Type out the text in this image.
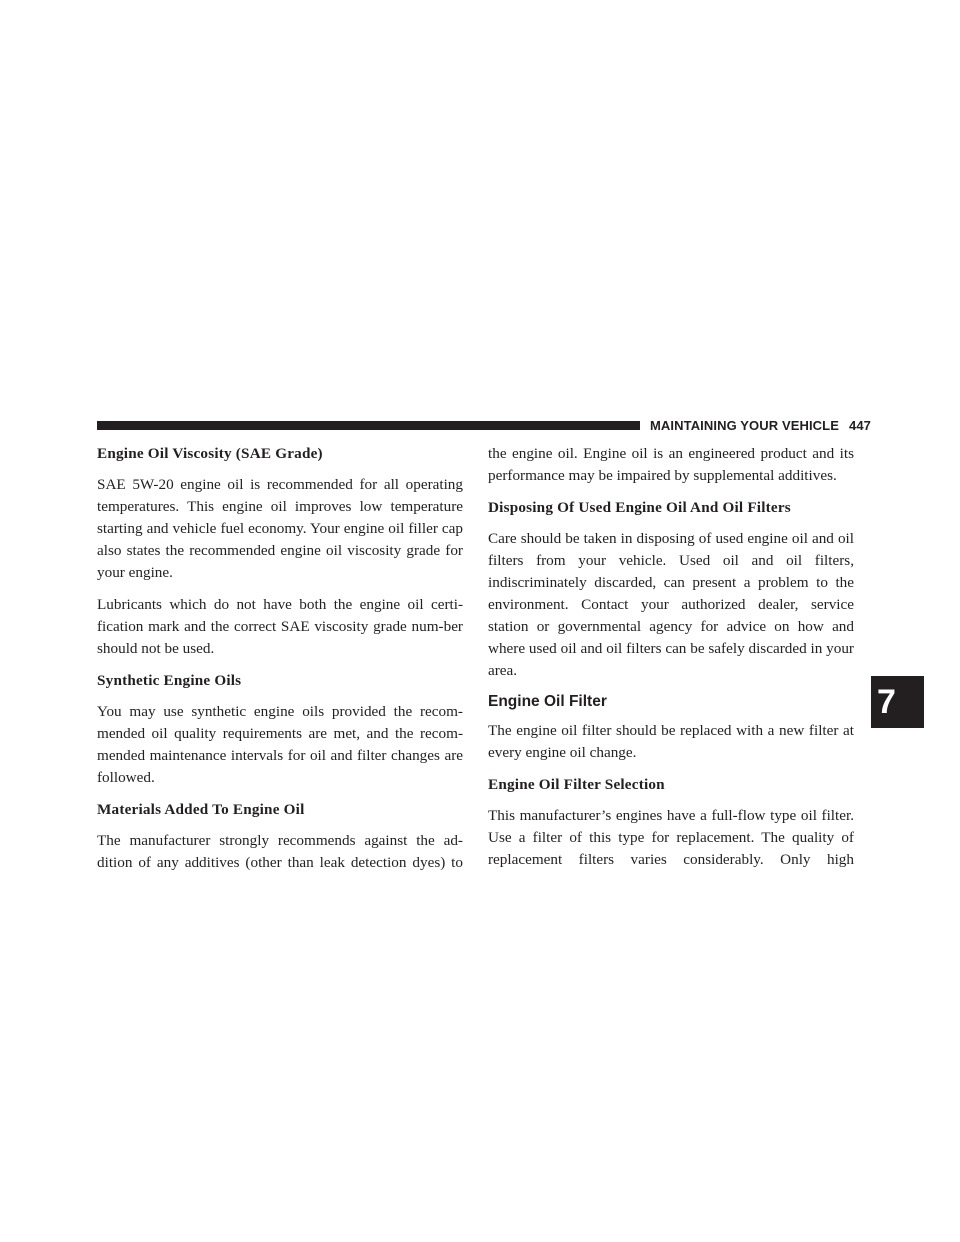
MAINTAINING YOUR VEHICLE 447
7
Engine Oil Viscosity (SAE Grade)

SAE 5W-20 engine oil is recommended for all operating temperatures. This engine oil improves low temperature starting and vehicle fuel economy. Your engine oil filler cap also states the recommended engine oil viscosity grade for your engine.

Lubricants which do not have both the engine oil certi-fication mark and the correct SAE viscosity grade num-ber should not be used.

Synthetic Engine Oils

You may use synthetic engine oils provided the recom-mended oil quality requirements are met, and the recom-mended maintenance intervals for oil and filter changes are followed.

Materials Added To Engine Oil

The manufacturer strongly recommends against the ad-dition of any additives (other than leak detection dyes) to

the engine oil. Engine oil is an engineered product and its performance may be impaired by supplemental additives.

Disposing Of Used Engine Oil And Oil Filters

Care should be taken in disposing of used engine oil and oil filters from your vehicle. Used oil and oil filters, indiscriminately discarded, can present a problem to the environment. Contact your authorized dealer, service station or governmental agency for advice on how and where used oil and oil filters can be safely discarded in your area.

Engine Oil Filter

The engine oil filter should be replaced with a new filter at every engine oil change.

Engine Oil Filter Selection

This manufacturer’s engines have a full-flow type oil filter. Use a filter of this type for replacement. The quality of replacement filters varies considerably. Only high
